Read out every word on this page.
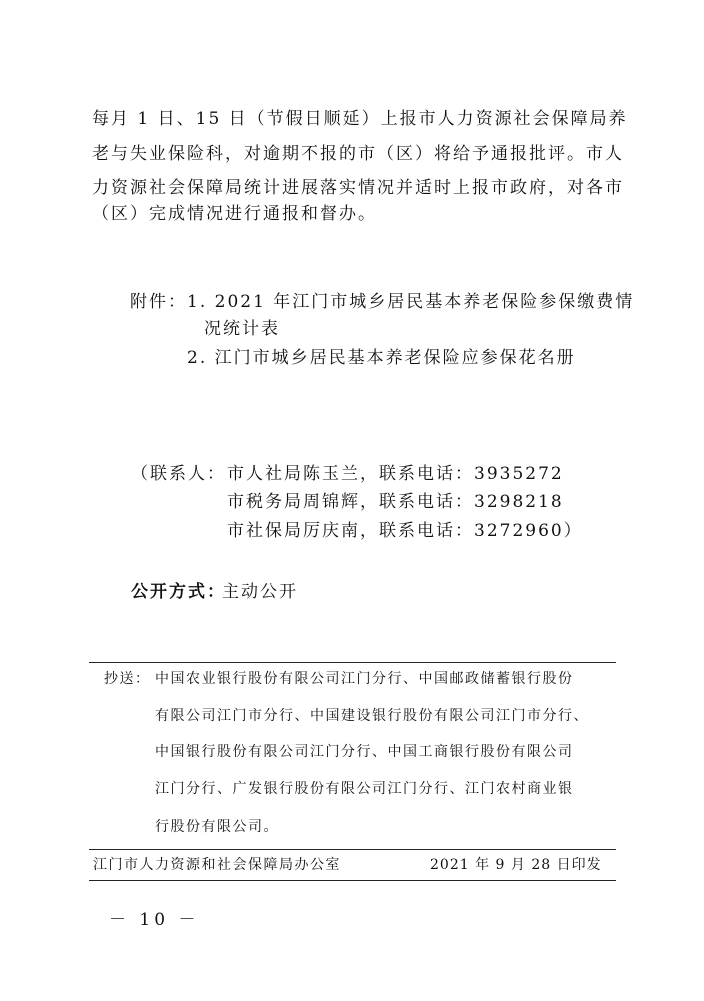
每月 1 日、15 日（节假日顺延）上报市人力资源社会保障局养
老与失业保险科，对逾期不报的市（区）将给予通报批评。市人
力资源社会保障局统计进展落实情况并适时上报市政府，对各市
（区）完成情况进行通报和督办。
附件： 1. 2021 年江门市城乡居民基本养老保险参保缴费情
况统计表
2. 江门市城乡居民基本养老保险应参保花名册
（联系人： 市人社局陈玉兰，联系电话：3935272
市税务局周锦辉，联系电话：3298218
市社保局厉庆南，联系电话：3272960）
公开方式：
主动公开
抄送： 中国农业银行股份有限公司江门分行、中国邮政储蓄银行股份
有限公司江门市分行、中国建设银行股份有限公司江门市分行、
中国银行股份有限公司江门分行、中国工商银行股份有限公司
江门分行、广发银行股份有限公司江门分行、江门农村商业银
行股份有限公司。
江门市人力资源和社会保障局办公室	2021 年 9 月 28 日印发
－ 10 －
